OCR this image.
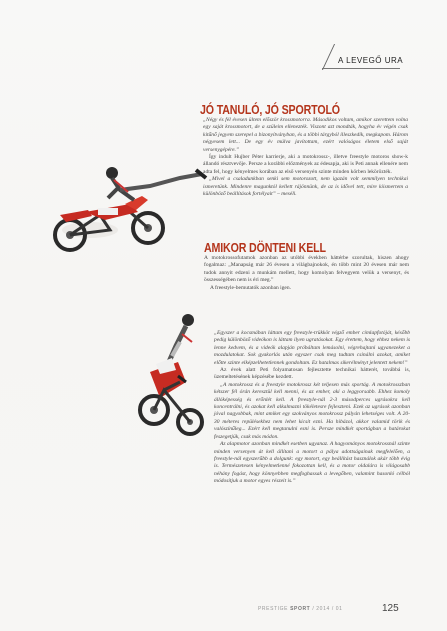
A LEVEGŐ URA
JÓ TANULÓ, JÓ SPORTOLÓ

„Négy és fél évesen ültem először krossmotorra. Másodikos voltam, amikor szerettem volna egy saját krossmotort, de a szüleim ellenezték. Viszont azt mondták, hogyha év végén csak kitűnő jegyem szerepel a bizonyítványban, és a többi tárgyból illeszkedik, megkapom. Három négyesem lett... De egy év múlva javítottam, ezért valóságos életem első saját versenygépére.”

Így indult Hujber Péter karrierje, aki a motokrossz-, illetve freestyle motoros show-k állandó résztvevője. Persze a korábbi előzmények az édesapja, aki is Peti annak ellenére nem adta fel, hogy kényelmes korában az első versenyén szinte minden körben lekörözték.

„Mivel a csaladunkban senki sem motorozott, nem igazán volt semmilyen technikai ismeretünk. Mindenre magunktól kellett rájönnünk, de az is idővel tett, mire kiismertem a különböző beállítások fortélyait” – meséli.

AMIKOR DÖNTENI KELL

A motokrossofutamok azonban az utóbbi években háttérbe szorultak, hiszen ahogy fogalmaz: „Manapság már 26 évesen a világbajnokok, én több mint 20 évesen már nem tudok annyit edzeni a munkám mellett, hogy komolyan felvegyem velük a versenyt, és összességében nem is éri meg.”

A freestyle-bemutatók azonban igen.

„Egyszer a kocsmában láttam egy freestyle-trükköt végző ember címlapfotóját, később pedig különböző videókon is láttam ilyen ugratásokat. Egy érettem, hogy ehhez nekem is lenne kedvem, és a videók alapján próbáltam lemásolni, végrehajtani ugyanezeket a mozdulatokat. Sok gyakorlás után egyszer csak meg tudtam csinálni azokat, amiket előtte szinte elképzelhetetlennek gondoltam. Ez hatalmas sikerélményt jelentett nekem!”

Az évek alatt Peti folyamatosan fejlesztette technikai hátterét, továbbá is, üzemeltetésének képzésébe kezdett.

„A motokrossz és a freestyle motokrossz két teljesen más sportág. A motokrosszban kétszer fél órán keresztül kell menni, és az ember, aki a leggyorsabb. Ehhez komoly állóképesség és erőnlét kell. A freestyle-nál 2-3 másodperces ugrásokra kell koncentrálni, és azokat kell alkalmazni tökéletesre fejleszteni. Ezek az ugrások azonban jóval nagyobbak, mint amiket egy szokványos motokrossz pályán lehetséges volt. A 20-30 méteres repülésekhez nem lehet kicsit ezni. Ha hibázol, akkor valamid törik és valószínűleg... Ezért kell megtanulni esni is. Persze mindkét sportágban a határokat feszegetjük, csak más módon.

Az alapmotor azonban mindkét esetben ugyanaz. A hagyományos motokrossnál szinte minden versenyen át kell állítani a motort a pálya adottságainak megfelelően, a freestyle-nál egyszerűbb a dolgunk: egy motort, egy beállítást használok akár több évig is. Természetesen kényelmetlenné fokozottan kell, és a motor oldalára is világosabb néhány fogást, hogy könnyebben megfoghassak a levegőben, valamint hasonló célból módosítjuk a motor egyes részeit is.”

PRESTIGE SPORT / 2014 / 01	125
